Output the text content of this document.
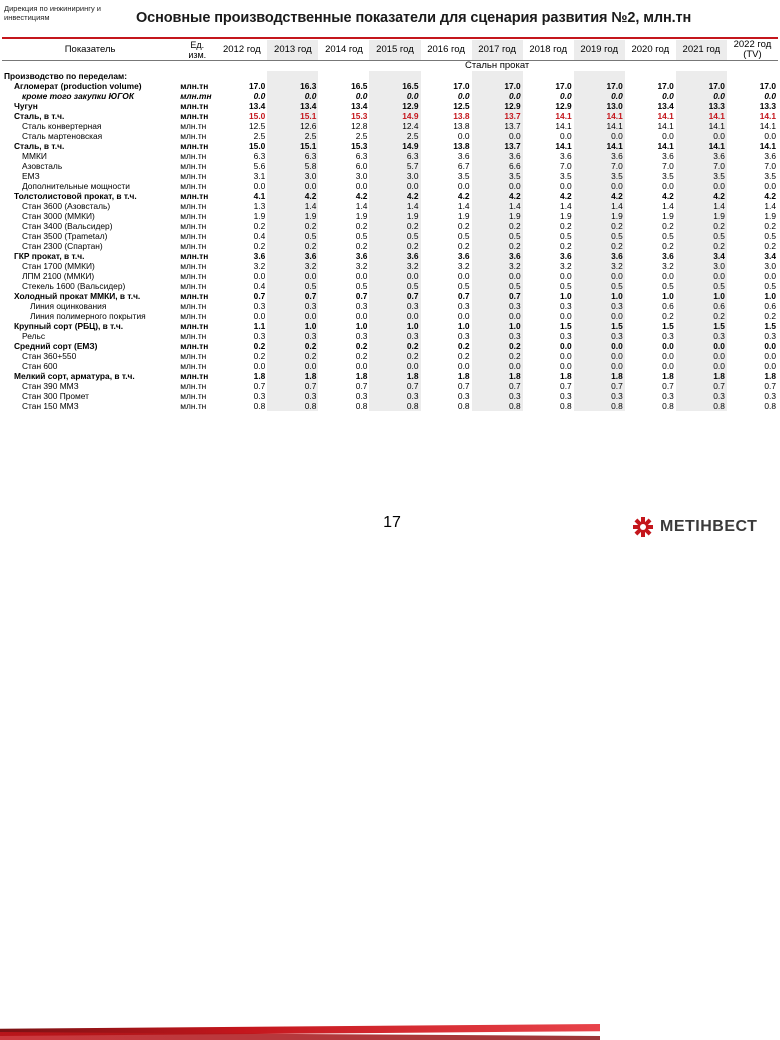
Дирекция по инжинирингу и инвестициям	Основные производственные показатели для сценария развития №2, млн.тн
Показатель	Ед. изм.	2012 год	2013 год	2014 год	2015 год	2016 год	2017 год	2018 год	2019 год	2020 год	2021 год	2022 год (TV)
		Стальн прокат										
Производство по переделам:												
Агломерат (production volume)	млн.тн	17.0	16.3	16.5	16.5	17.0	17.0	17.0	17.0	17.0	17.0	17.0
кроме того закупки ЮГОК	млн.тн	0.0	0.0	0.0	0.0	0.0	0.0	0.0	0.0	0.0	0.0	0.0
Чугун	млн.тн	13.4	13.4	13.4	12.9	12.5	12.9	12.9	13.0	13.4	13.3	13.3
Сталь, в т.ч.	млн.тн	15.0	15.1	15.3	14.9	13.8	13.7	14.1	14.1	14.1	14.1	14.1
Сталь конвертерная	млн.тн	12.5	12.6	12.8	12.4	13.8	13.7	14.1	14.1	14.1	14.1	14.1
Сталь мартеновская	млн.тн	2.5	2.5	2.5	2.5	0.0	0.0	0.0	0.0	0.0	0.0	0.0
Сталь, в т.ч.	млн.тн	15.0	15.1	15.3	14.9	13.8	13.7	14.1	14.1	14.1	14.1	14.1
ММКИ	млн.тн	6.3	6.3	6.3	6.3	3.6	3.6	3.6	3.6	3.6	3.6	3.6
Азовсталь	млн.тн	5.6	5.8	6.0	5.7	6.7	6.6	7.0	7.0	7.0	7.0	7.0
ЕМЗ	млн.тн	3.1	3.0	3.0	3.0	3.5	3.5	3.5	3.5	3.5	3.5	3.5
Дополнительные мощности	млн.тн	0.0	0.0	0.0	0.0	0.0	0.0	0.0	0.0	0.0	0.0	0.0
Толстолистовой прокат, в т.ч.	млн.тн	4.1	4.2	4.2	4.2	4.2	4.2	4.2	4.2	4.2	4.2	4.2
Стан 3600 (Азовсталь)	млн.тн	1.3	1.4	1.4	1.4	1.4	1.4	1.4	1.4	1.4	1.4	1.4
Стан 3000 (ММКИ)	млн.тн	1.9	1.9	1.9	1.9	1.9	1.9	1.9	1.9	1.9	1.9	1.9
Стан 3400 (Вальсидер)	млн.тн	0.2	0.2	0.2	0.2	0.2	0.2	0.2	0.2	0.2	0.2	0.2
Стан 3500 (Трametал)	млн.тн	0.4	0.5	0.5	0.5	0.5	0.5	0.5	0.5	0.5	0.5	0.5
Стан 2300 (Спартан)	млн.тн	0.2	0.2	0.2	0.2	0.2	0.2	0.2	0.2	0.2	0.2	0.2
ГКР прокат, в т.ч.	млн.тн	3.6	3.6	3.6	3.6	3.6	3.6	3.6	3.6	3.6	3.4	3.4
Стан 1700 (ММКИ)	млн.тн	3.2	3.2	3.2	3.2	3.2	3.2	3.2	3.2	3.2	3.0	3.0
ЛПМ 2100 (ММКИ)	млн.тн	0.0	0.0	0.0	0.0	0.0	0.0	0.0	0.0	0.0	0.0	0.0
Стекель 1600 (Вальсидер)	млн.тн	0.4	0.5	0.5	0.5	0.5	0.5	0.5	0.5	0.5	0.5	0.5
Холодный прокат ММКИ, в т.ч.	млн.тн	0.7	0.7	0.7	0.7	0.7	0.7	1.0	1.0	1.0	1.0	1.0
Линия оцинкования	млн.тн	0.3	0.3	0.3	0.3	0.3	0.3	0.3	0.3	0.6	0.6	0.6
Линия полимерного покрытия	млн.тн	0.0	0.0	0.0	0.0	0.0	0.0	0.0	0.0	0.2	0.2	0.2
Крупный сорт (РБЦ), в т.ч.	млн.тн	1.1	1.0	1.0	1.0	1.0	1.0	1.5	1.5	1.5	1.5	1.5
Рельс	млн.тн	0.3	0.3	0.3	0.3	0.3	0.3	0.3	0.3	0.3	0.3	0.3
Средний сорт (ЕМЗ)	млн.тн	0.2	0.2	0.2	0.2	0.2	0.2	0.0	0.0	0.0	0.0	0.0
Стан 360+550	млн.тн	0.2	0.2	0.2	0.2	0.2	0.2	0.0	0.0	0.0	0.0	0.0
Стан 600	млн.тн	0.0	0.0	0.0	0.0	0.0	0.0	0.0	0.0	0.0	0.0	0.0
Мелкий сорт, арматура, в т.ч.	млн.тн	1.8	1.8	1.8	1.8	1.8	1.8	1.8	1.8	1.8	1.8	1.8
Стан 390 ММЗ	млн.тн	0.7	0.7	0.7	0.7	0.7	0.7	0.7	0.7	0.7	0.7	0.7
Стан 300 Промет	млн.тн	0.3	0.3	0.3	0.3	0.3	0.3	0.3	0.3	0.3	0.3	0.3
Стан 150 ММЗ	млн.тн	0.8	0.8	0.8	0.8	0.8	0.8	0.8	0.8	0.8	0.8	0.8
17	МЕТІНВЕСТ
